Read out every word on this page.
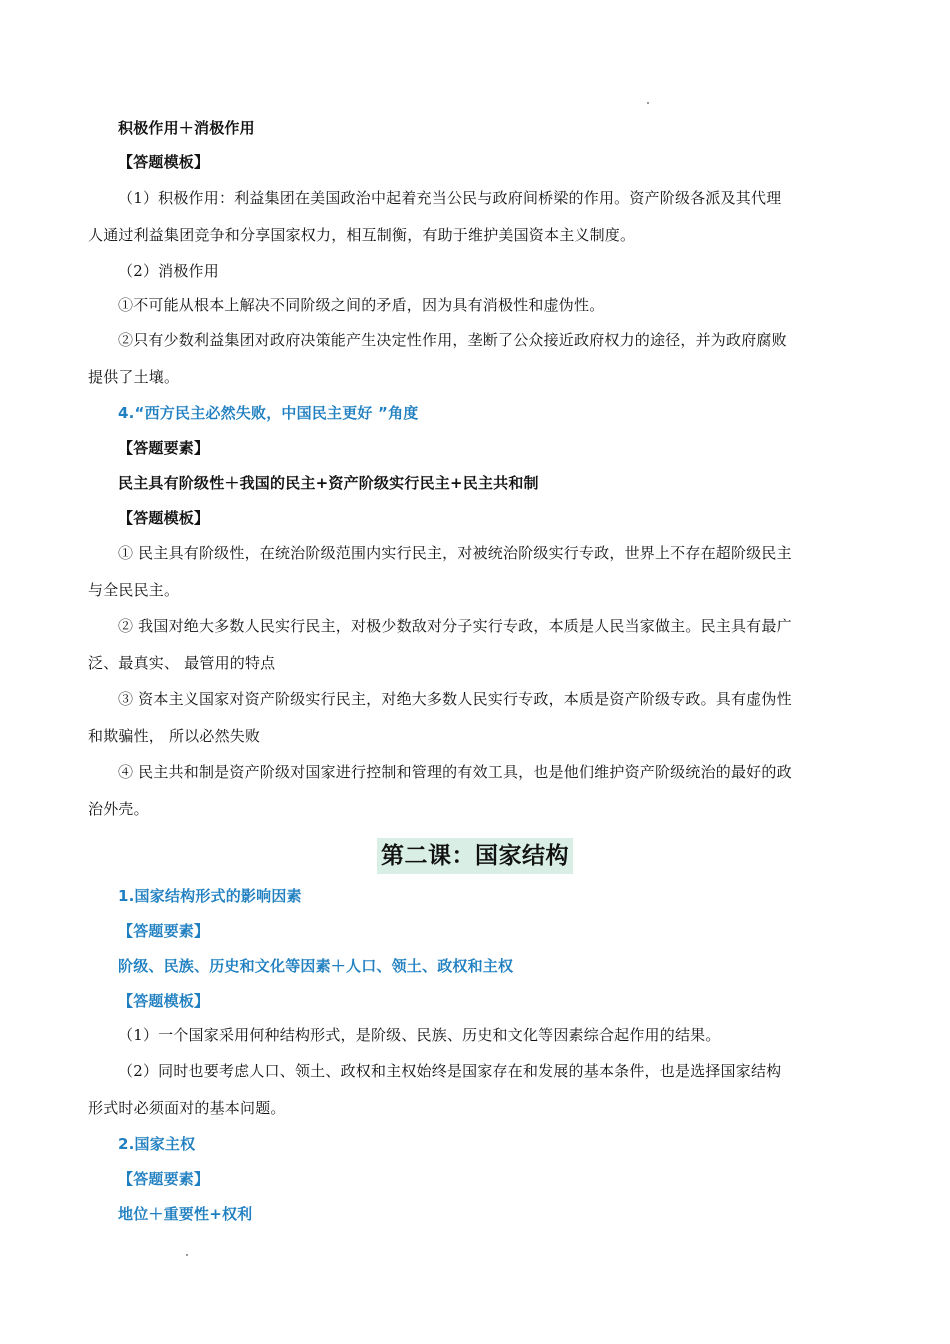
积极作用＋消极作用
【答题模板】
（1）积极作用：利益集团在美国政治中起着充当公民与政府间桥梁的作用。资产阶级各派及其代理
人通过利益集团竞争和分享国家权力，相互制衡，有助于维护美国资本主义制度。
（2）消极作用
①不可能从根本上解决不同阶级之间的矛盾，因为具有消极性和虚伪性。
②只有少数利益集团对政府决策能产生决定性作用，垄断了公众接近政府权力的途径，并为政府腐败
提供了土壤。
4.“西方民主必然失败，中国民主更好 ”角度
【答题要素】
民主具有阶级性＋我国的民主+资产阶级实行民主+民主共和制
【答题模板】
① 民主具有阶级性，在统治阶级范围内实行民主，对被统治阶级实行专政，世界上不存在超阶级民主
与全民民主。
② 我国对绝大多数人民实行民主，对极少数敌对分子实行专政，本质是人民当家做主。民主具有最广
泛、最真实、 最管用的特点
③ 资本主义国家对资产阶级实行民主，对绝大多数人民实行专政，本质是资产阶级专政。具有虚伪性
和欺骗性， 所以必然失败
④ 民主共和制是资产阶级对国家进行控制和管理的有效工具，也是他们维护资产阶级统治的最好的政
治外壳。
第二课：国家结构
1.国家结构形式的影响因素
【答题要素】
阶级、民族、历史和文化等因素＋人口、领土、政权和主权
【答题模板】
（1）一个国家采用何种结构形式，是阶级、民族、历史和文化等因素综合起作用的结果。
（2）同时也要考虑人口、领土、政权和主权始终是国家存在和发展的基本条件，也是选择国家结构
形式时必须面对的基本问题。
2.国家主权
【答题要素】
地位＋重要性+权利
